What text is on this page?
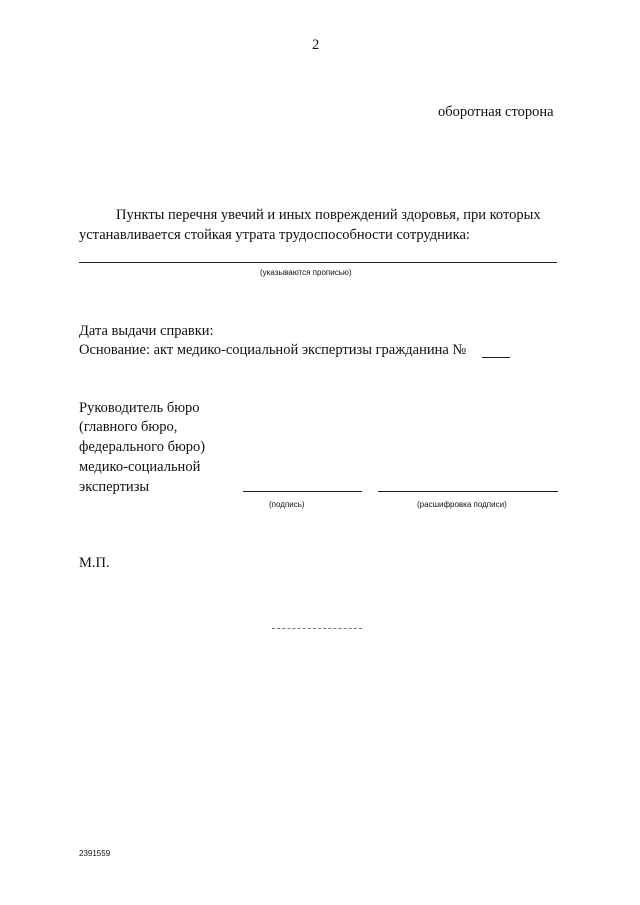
2
оборотная сторона
Пункты перечня увечий и иных повреждений здоровья, при которых
устанавливается стойкая утрата трудоспособности сотрудника:
(указываются прописью)
Дата выдачи справки:
Основание: акт медико-социальной экспертизы гражданина №
Руководитель бюро
(главного бюро,
федерального бюро)
медико-социальной
экспертизы
(подпись)	(расшифровка подписи)
М.П.
2391559
